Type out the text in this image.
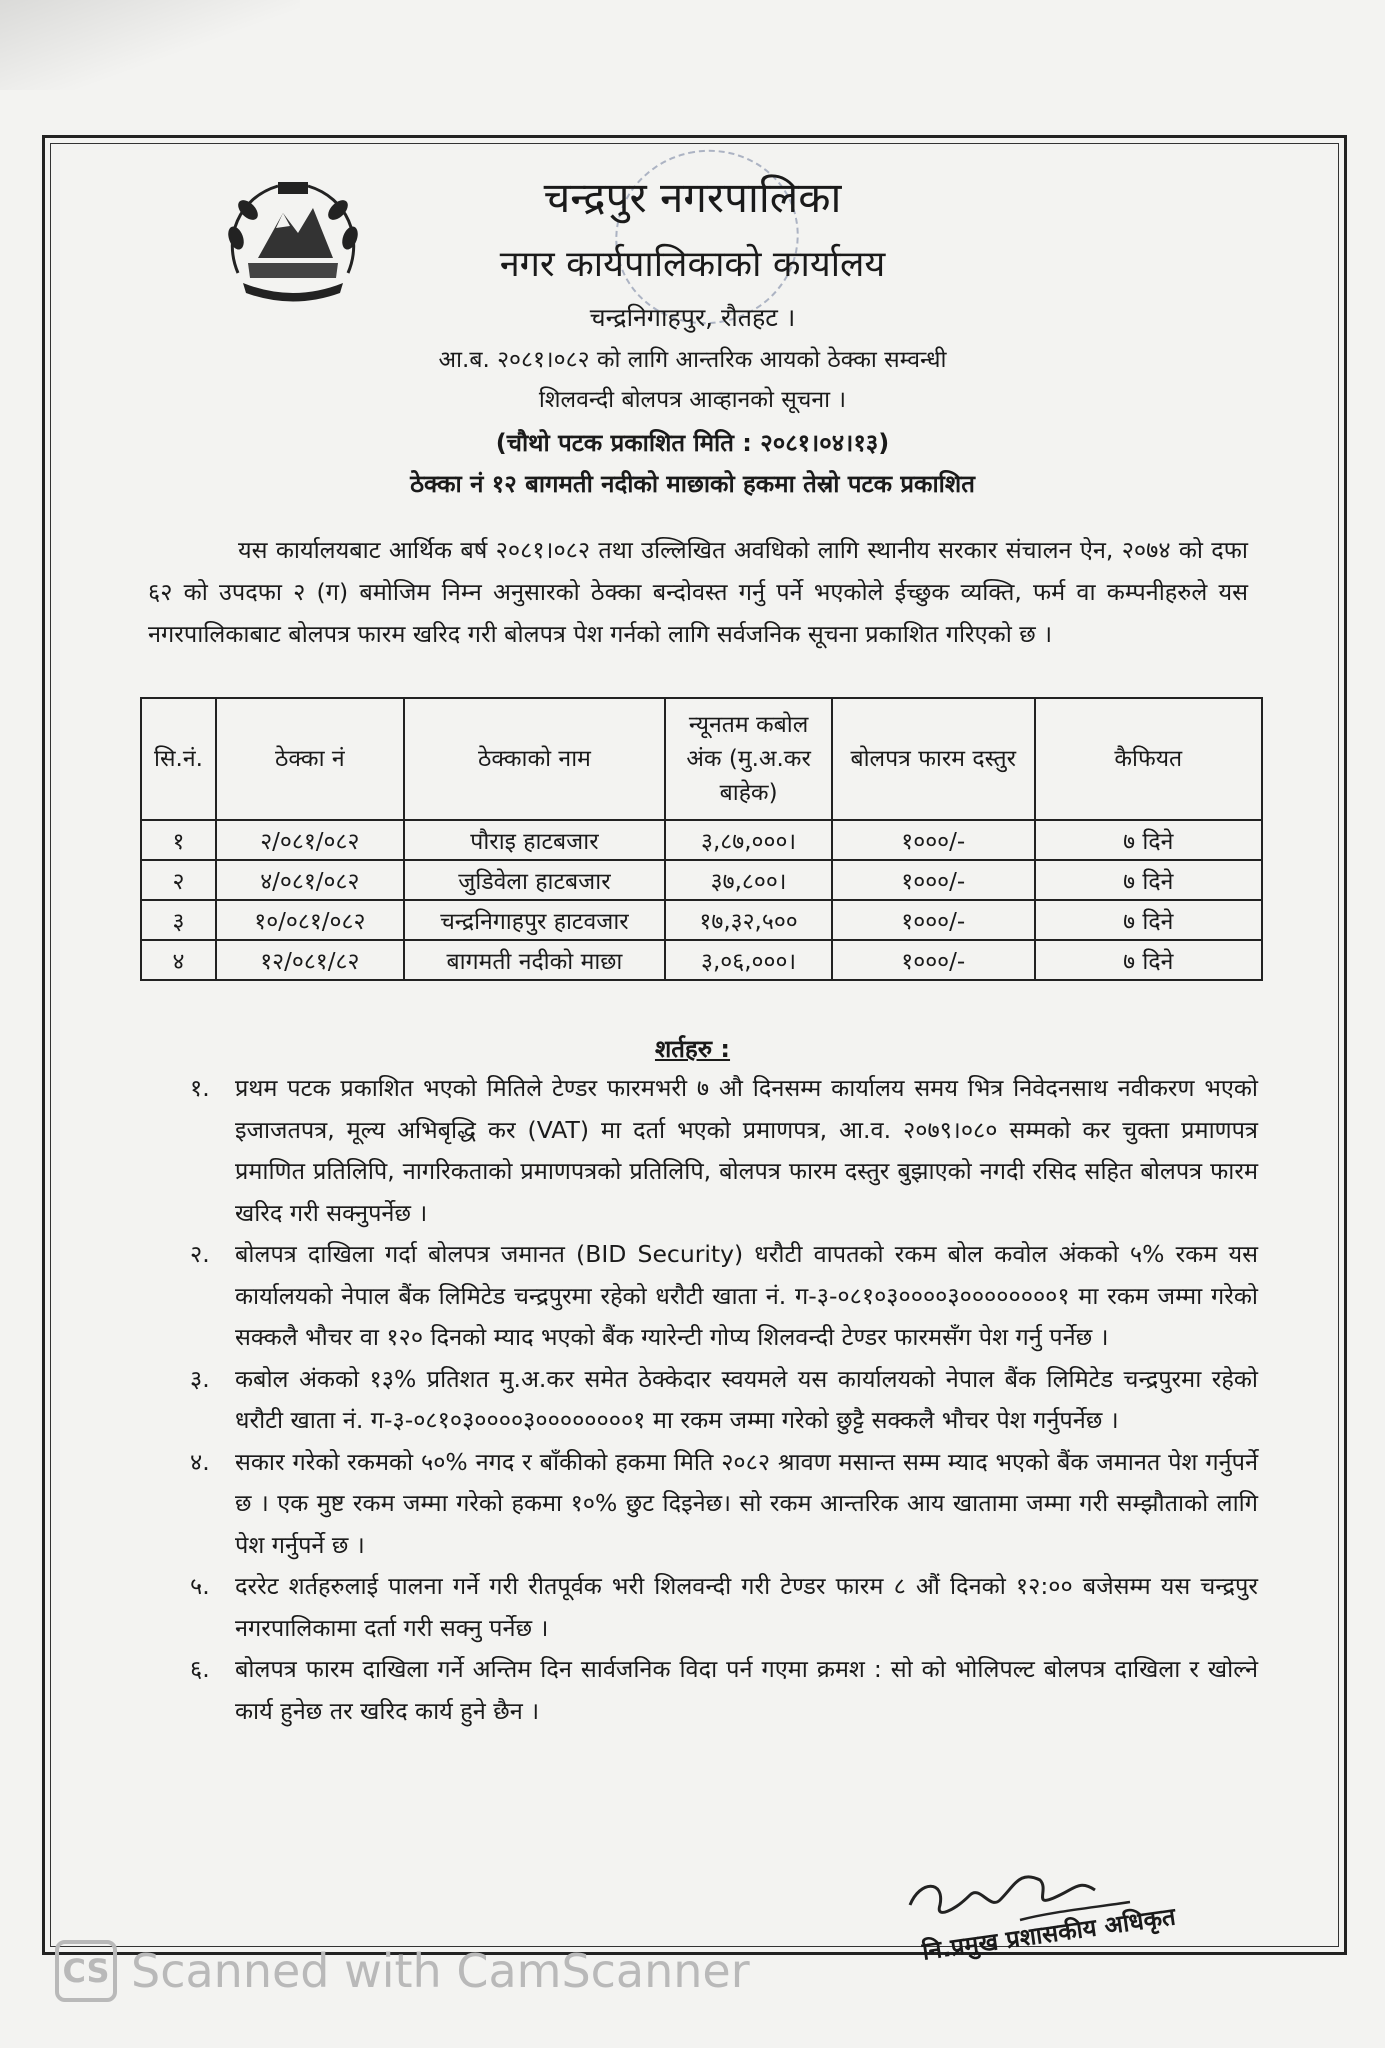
चन्द्रपुर नगरपालिका
नगर कार्यपालिकाको कार्यालय
चन्द्रनिगाहपुर, रौतहट ।
आ.ब. २०८१।०८२ को लागि आन्तरिक आयको ठेक्का सम्वन्धी
शिलवन्दी बोलपत्र आव्हानको सूचना ।
(चौथो पटक प्रकाशित मिति : २०८१।०४।१३)
ठेक्का नं १२ बागमती नदीको माछाको हकमा तेस्रो पटक प्रकाशित

यस कार्यालयबाट आर्थिक बर्ष २०८१।०८२ तथा उल्लिखित अवधिको लागि स्थानीय सरकार संचालन ऐन, २०७४ को दफा ६२ को उपदफा २ (ग) बमोजिम निम्न अनुसारको ठेक्का बन्दोवस्त गर्नु पर्ने भएकोले ईच्छुक व्यक्ति, फर्म वा कम्पनीहरुले यस नगरपालिकाबाट बोलपत्र फारम खरिद गरी बोलपत्र पेश गर्नको लागि सर्वजनिक सूचना प्रकाशित गरिएको छ ।

सि.नं.	ठेक्का नं	ठेक्काको नाम	न्यूनतम कबोल अंक (मु.अ.कर बाहेक)	बोलपत्र फारम दस्तुर	कैफियत
१	२/०८१/०८२	पौराइ हाटबजार	३,८७,०००।	१०००/-	७ दिने
२	४/०८१/०८२	जुडिवेला हाटबजार	३७,८००।	१०००/-	७ दिने
३	१०/०८१/०८२	चन्द्रनिगाहपुर हाटवजार	१७,३२,५००	१०००/-	७ दिने
४	१२/०८१/८२	बागमती नदीको माछा	३,०६,०००।	१०००/-	७ दिने
शर्तहरु :
१. प्रथम पटक प्रकाशित भएको मितिले टेण्डर फारमभरी ७ औ दिनसम्म कार्यालय समय भित्र निवेदनसाथ नवीकरण भएको इजाजतपत्र, मूल्य अभिबृद्धि कर (VAT) मा दर्ता भएको प्रमाणपत्र, आ.व. २०७९।०८० सम्मको कर चुक्ता प्रमाणपत्र प्रमाणित प्रतिलिपि, नागरिकताको प्रमाणपत्रको प्रतिलिपि, बोलपत्र फारम दस्तुर बुझाएको नगदी रसिद सहित बोलपत्र फारम खरिद गरी सक्नुपर्नेछ ।
२. बोलपत्र दाखिला गर्दा बोलपत्र जमानत (BID Security) धरौटी वापतको रकम बोल कवोल अंकको ५% रकम यस कार्यालयको नेपाल बैंक लिमिटेड चन्द्रपुरमा रहेको धरौटी खाता नं. ग-३-०८१०३००००३००००००००१ मा रकम जम्मा गरेको सक्कलै भौचर वा १२० दिनको म्याद भएको बैंक ग्यारेन्टी गोप्य शिलवन्दी टेण्डर फारमसँग पेश गर्नु पर्नेछ ।
३. कबोल अंकको १३% प्रतिशत मु.अ.कर समेत ठेक्केदार स्वयमले यस कार्यालयको नेपाल बैंक लिमिटेड चन्द्रपुरमा रहेको धरौटी खाता नं. ग-३-०८१०३००००३००००००००१ मा रकम जम्मा गरेको छुट्टै सक्कलै भौचर पेश गर्नुपर्नेछ ।
४. सकार गरेको रकमको ५०% नगद र बाँकीको हकमा मिति २०८२ श्रावण मसान्त सम्म म्याद भएको बैंक जमानत पेश गर्नुपर्ने छ । एक मुष्ट रकम जम्मा गरेको हकमा १०% छुट दिइनेछ। सो रकम आन्तरिक आय खातामा जम्मा गरी सम्झौताको लागि पेश गर्नुपर्ने छ ।
५. दररेट शर्तहरुलाई पालना गर्ने गरी रीतपूर्वक भरी शिलवन्दी गरी टेण्डर फारम ८ औं दिनको १२:०० बजेसम्म यस चन्द्रपुर नगरपालिकामा दर्ता गरी सक्नु पर्नेछ ।
६. बोलपत्र फारम दाखिला गर्ने अन्तिम दिन सार्वजनिक विदा पर्न गएमा क्रमश : सो को भोलिपल्ट बोलपत्र दाखिला र खोल्ने कार्य हुनेछ तर खरिद कार्य हुने छैन ।
नि.प्रमुख प्रशासकीय अधिकृत
CS Scanned with CamScanner
